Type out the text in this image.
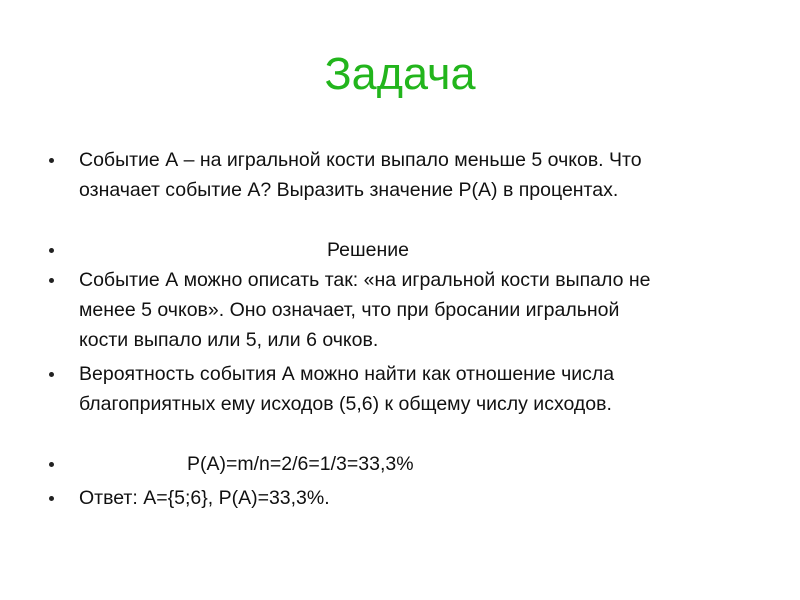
Задача
Событие А – на игральной кости выпало меньше 5 очков. Что
означает событие А? Выразить значение Р(А) в процентах.
Решение
Событие А можно описать так: «на игральной кости выпало не
менее 5 очков». Оно означает, что при бросании игральной
кости выпало или 5, или 6 очков.
Вероятность события А можно найти как отношение числа
благоприятных ему исходов (5,6) к общему числу исходов.
Р(А)=m/n=2/6=1/3=33,3%
Ответ: А={5;6}, Р(А)=33,3%.
